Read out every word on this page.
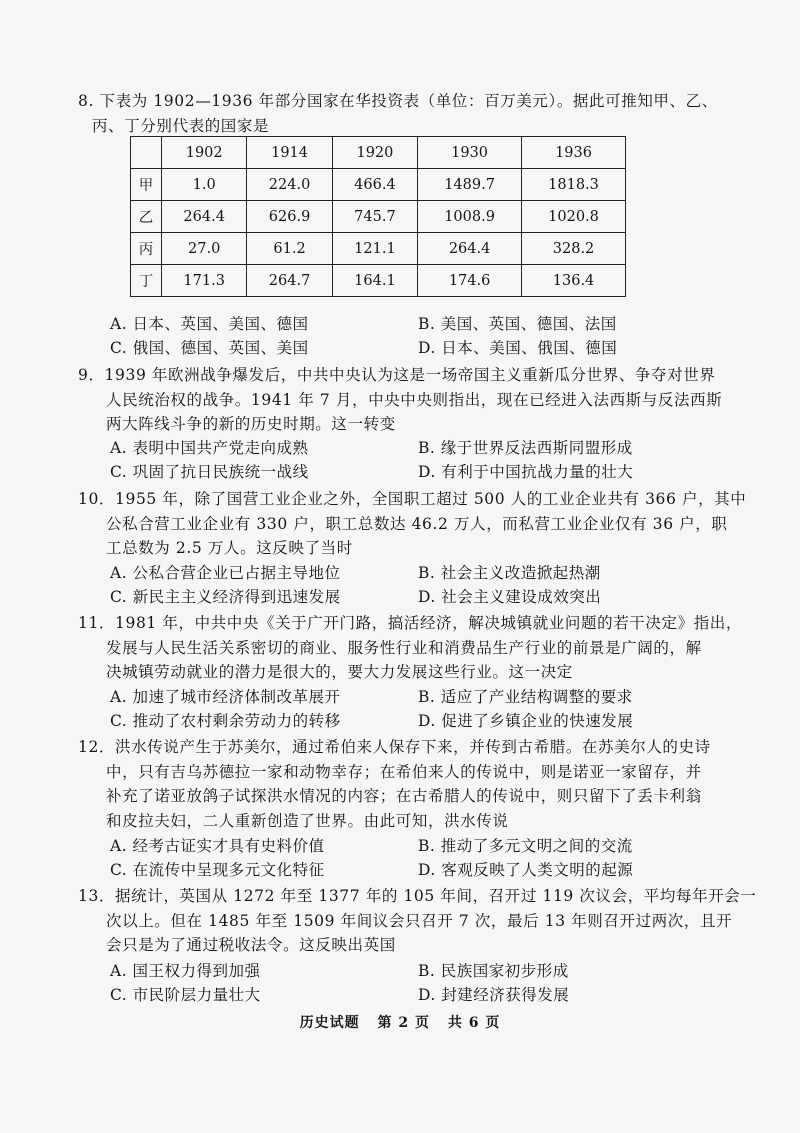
8. 下表为 1902—1936 年部分国家在华投资表（单位：百万美元）。据此可推知甲、乙、
丙、丁分别代表的国家是
	1902	1914	1920	1930	1936
甲	1.0	224.0	466.4	1489.7	1818.3
乙	264.4	626.9	745.7	1008.9	1020.8
丙	27.0	61.2	121.1	264.4	328.2
丁	171.3	264.7	164.1	174.6	136.4
A. 日本、英国、美国、德国	B. 美国、英国、德国、法国
C. 俄国、德国、英国、美国	D. 日本、美国、俄国、德国
9．1939 年欧洲战争爆发后，中共中央认为这是一场帝国主义重新瓜分世界、争夺对世界
人民统治权的战争。1941 年 7 月，中央中央则指出，现在已经进入法西斯与反法西斯
两大阵线斗争的新的历史时期。这一转变
A. 表明中国共产党走向成熟	B. 缘于世界反法西斯同盟形成
C. 巩固了抗日民族统一战线	D. 有利于中国抗战力量的壮大
10．1955 年，除了国营工业企业之外，全国职工超过 500 人的工业企业共有 366 户，其中
公私合营工业企业有 330 户，职工总数达 46.2 万人，而私营工业企业仅有 36 户，职
工总数为 2.5 万人。这反映了当时
A. 公私合营企业已占据主导地位	B. 社会主义改造掀起热潮
C. 新民主主义经济得到迅速发展	D. 社会主义建设成效突出
11．1981 年，中共中央《关于广开门路，搞活经济，解决城镇就业问题的若干决定》指出，
发展与人民生活关系密切的商业、服务性行业和消费品生产行业的前景是广阔的，解
决城镇劳动就业的潜力是很大的，要大力发展这些行业。这一决定
A. 加速了城市经济体制改革展开	B. 适应了产业结构调整的要求
C. 推动了农村剩余劳动力的转移	D. 促进了乡镇企业的快速发展
12．洪水传说产生于苏美尔，通过希伯来人保存下来，并传到古希腊。在苏美尔人的史诗
中，只有吉乌苏德拉一家和动物幸存；在希伯来人的传说中，则是诺亚一家留存，并
补充了诺亚放鸽子试探洪水情况的内容；在古希腊人的传说中，则只留下了丢卡利翁
和皮拉夫妇，二人重新创造了世界。由此可知，洪水传说
A. 经考古证实才具有史料价值	B. 推动了多元文明之间的交流
C. 在流传中呈现多元文化特征	D. 客观反映了人类文明的起源
13．据统计，英国从 1272 年至 1377 年的 105 年间，召开过 119 次议会，平均每年开会一
次以上。但在 1485 年至 1509 年间议会只召开 7 次，最后 13 年则召开过两次，且开
会只是为了通过税收法令。这反映出英国
A. 国王权力得到加强	B. 民族国家初步形成
C. 市民阶层力量壮大	D. 封建经济获得发展
历史试题 第 2 页 共 6 页
